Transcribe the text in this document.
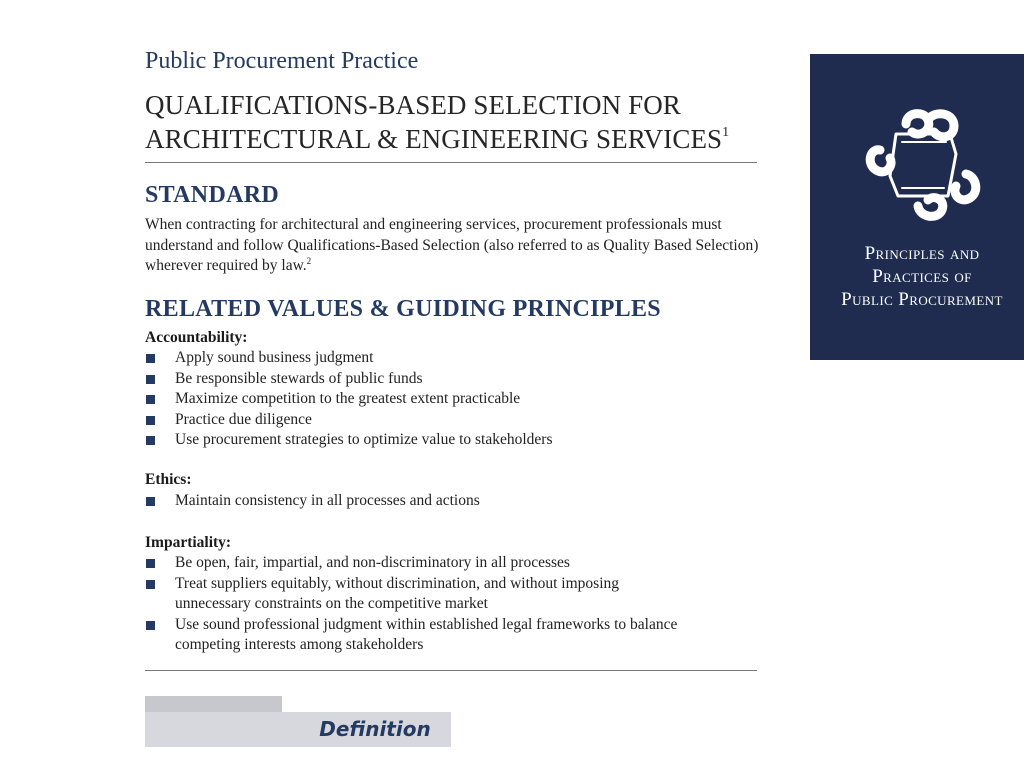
Public Procurement Practice
QUALIFICATIONS-BASED SELECTION FOR
ARCHITECTURAL & ENGINEERING SERVICES$^1$
STANDARD
When contracting for architectural and engineering services, procurement professionals must understand and follow Qualifications-Based Selection (also referred to as Quality Based Selection) wherever required by law.$^2$
RELATED VALUES & GUIDING PRINCIPLES
Accountability:
Apply sound business judgment
Be responsible stewards of public funds
Maximize competition to the greatest extent practicable
Practice due diligence
Use procurement strategies to optimize value to stakeholders
Ethics:
Maintain consistency in all processes and actions
Impartiality:
Be open, fair, impartial, and non-discriminatory in all processes
Treat suppliers equitably, without discrimination, and without imposing unnecessary constraints on the competitive market
Use sound professional judgment within established legal frameworks to balance competing interests among stakeholders
Definition
Principles and
Practices of
Public Procurement
